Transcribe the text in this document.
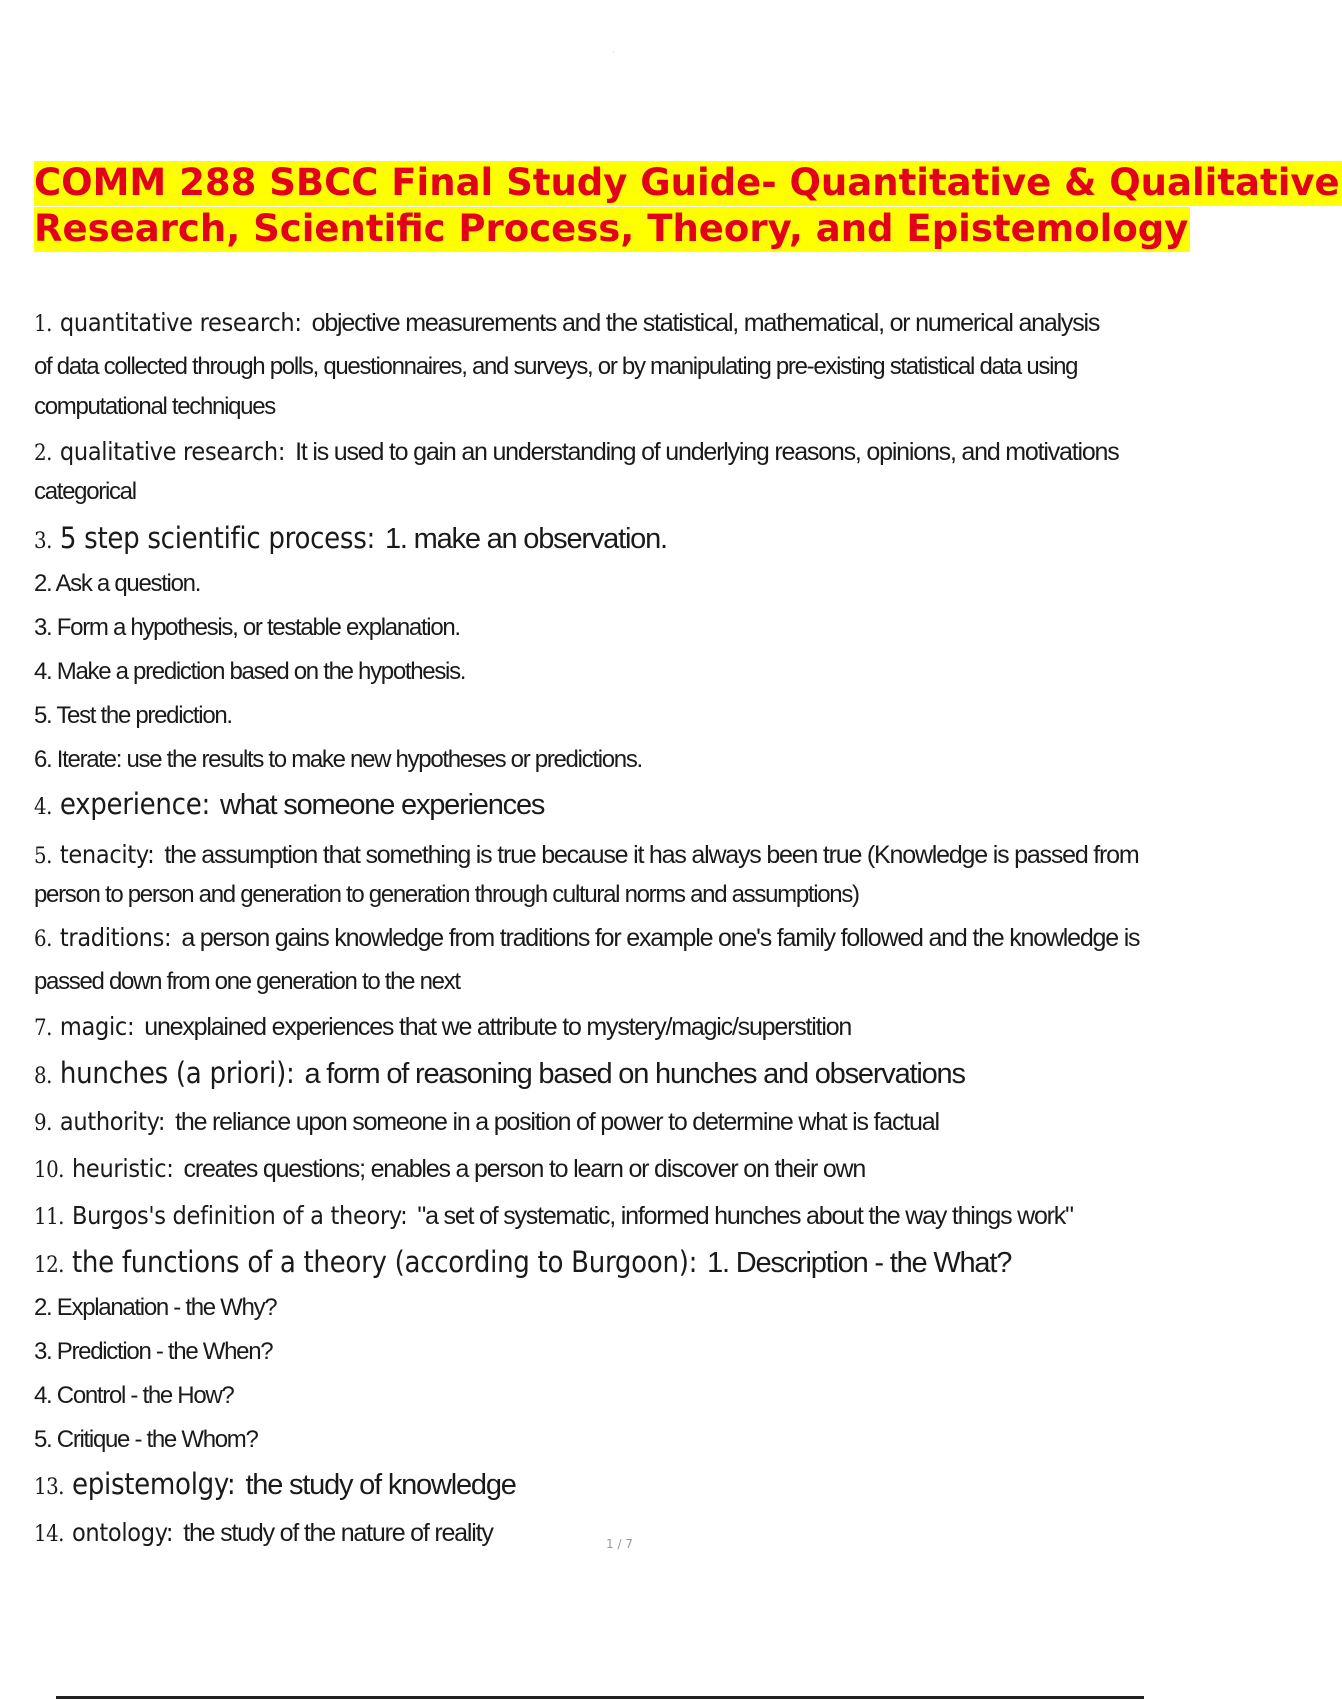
·
COMM 288 SBCC Final Study Guide- Quantitative & Qualitative
Research, Scientific Process, Theory, and Epistemology

1. quantitative research: objective measurements and the statistical, mathematical, or numerical analysis

of data collected through polls, questionnaires, and surveys, or by manipulating pre-existing statistical data using

computational techniques

2. qualitative research: It is used to gain an understanding of underlying reasons, opinions, and motivations

categorical

3. 5 step scientific process: 1. make an observation.

2. Ask a question.

3. Form a hypothesis, or testable explanation.

4. Make a prediction based on the hypothesis.

5. Test the prediction.

6. Iterate: use the results to make new hypotheses or predictions.

4. experience: what someone experiences

5. tenacity: the assumption that something is true because it has always been true (Knowledge is passed from

person to person and generation to generation through cultural norms and assumptions)

6. traditions: a person gains knowledge from traditions for example one's family followed and the knowledge is

passed down from one generation to the next

7. magic: unexplained experiences that we attribute to mystery/magic/superstition

8. hunches (a priori): a form of reasoning based on hunches and observations

9. authority: the reliance upon someone in a position of power to determine what is factual

10. heuristic: creates questions; enables a person to learn or discover on their own

11. Burgos's definition of a theory: "a set of systematic, informed hunches about the way things work"

12. the functions of a theory (according to Burgoon): 1. Description - the What?

2. Explanation - the Why?

3. Prediction - the When?

4. Control - the How?

5. Critique - the Whom?

13. epistemolgy: the study of knowledge

14. ontology: the study of the nature of reality	1 / 7
